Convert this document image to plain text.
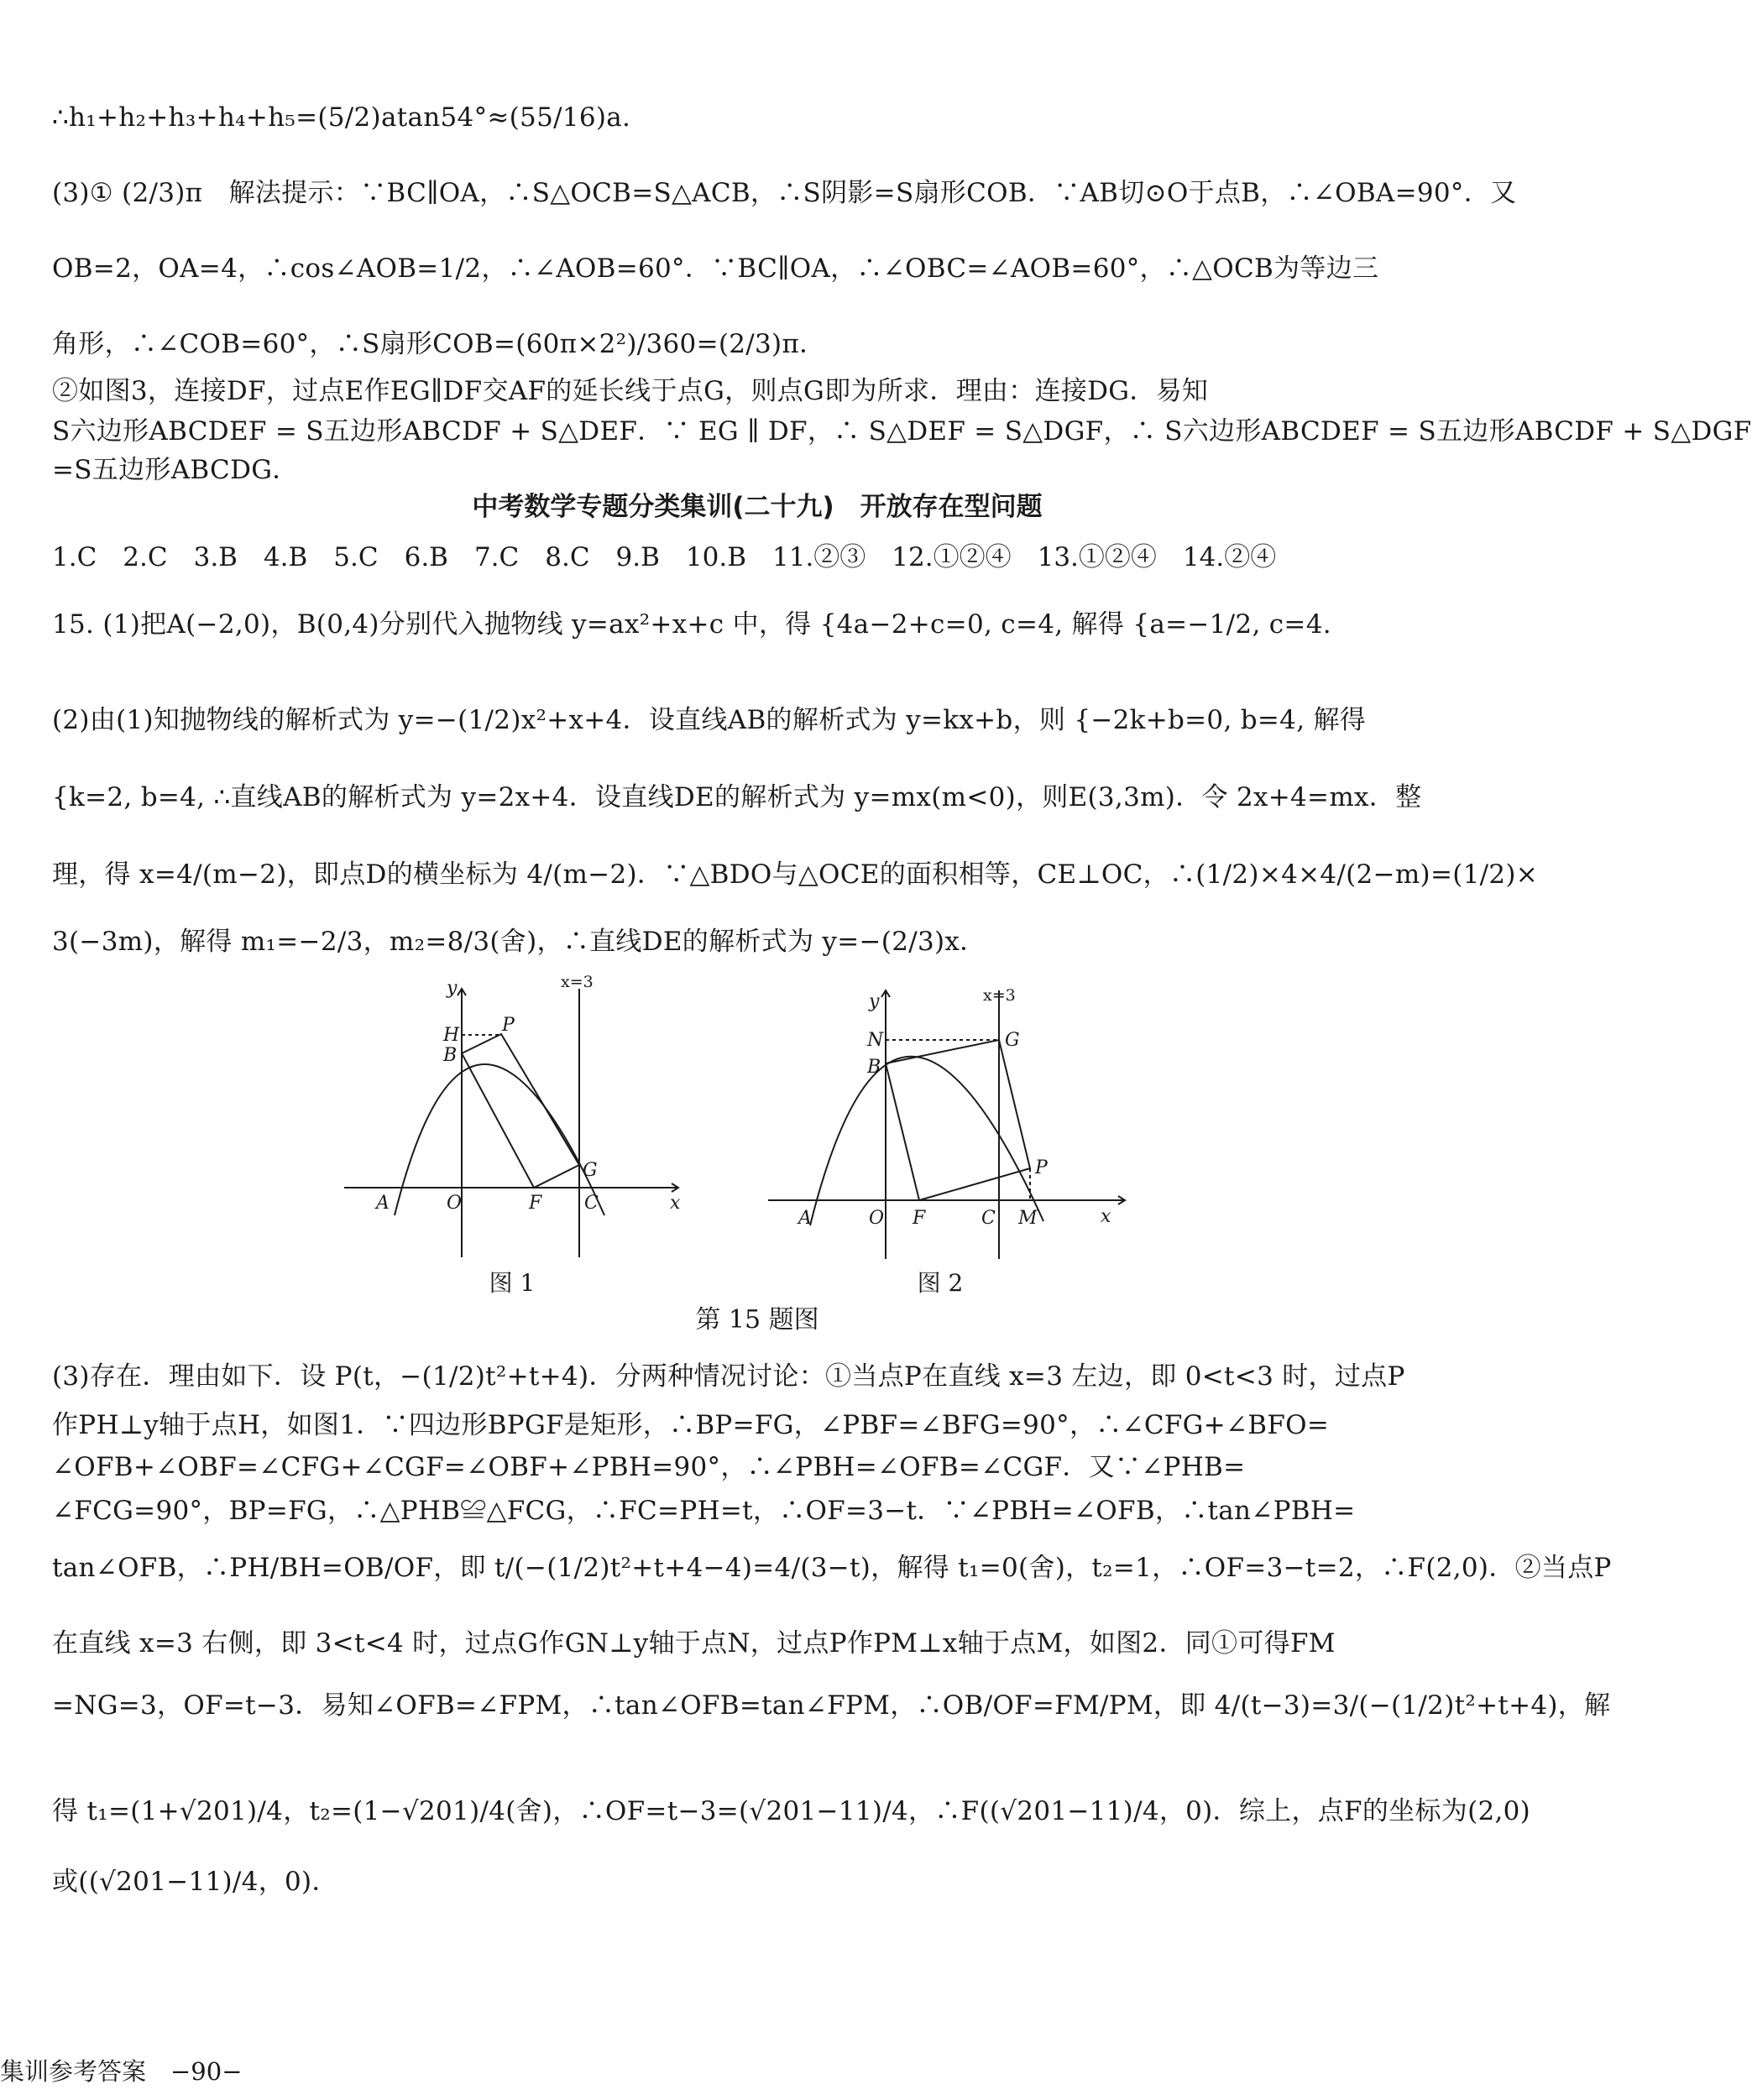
∴h₁+h₂+h₃+h₄+h₅=(5/2)atan54°≈(55/16)a.
(3)① (2/3)π　解法提示：∵BC∥OA，∴S△OCB=S△ACB，∴S阴影=S扇形COB．∵AB切⊙O于点B，∴∠OBA=90°．又
OB=2，OA=4，∴cos∠AOB=1/2，∴∠AOB=60°．∵BC∥OA，∴∠OBC=∠AOB=60°，∴△OCB为等边三
角形，∴∠COB=60°，∴S扇形COB=(60π×2²)/360=(2/3)π．
②如图3，连接DF，过点E作EG∥DF交AF的延长线于点G，则点G即为所求．理由：连接DG．易知
S六边形ABCDEF = S五边形ABCDF + S△DEF．∵ EG ∥ DF，∴ S△DEF = S△DGF，∴ S六边形ABCDEF = S五边形ABCDF + S△DGF
=S五边形ABCDG．
中考数学专题分类集训(二十九)　开放存在型问题
1.C　2.C　3.B　4.B　5.C　6.B　7.C　8.C　9.B　10.B　11.②③　12.①②④　13.①②④　14.②④
15. (1)把A(−2,0)，B(0,4)分别代入抛物线 y=ax²+x+c 中，得 {4a−2+c=0, c=4, 解得 {a=−1/2, c=4.
(2)由(1)知抛物线的解析式为 y=−(1/2)x²+x+4．设直线AB的解析式为 y=kx+b，则 {−2k+b=0, b=4, 解得
{k=2, b=4, ∴直线AB的解析式为 y=2x+4．设直线DE的解析式为 y=mx(m<0)，则E(3,3m)．令 2x+4=mx．整
理，得 x=4/(m−2)，即点D的横坐标为 4/(m−2)．∵△BDO与△OCE的面积相等，CE⊥OC，∴(1/2)×4×4/(2−m)=(1/2)×
3(−3m)，解得 m₁=−2/3，m₂=8/3(舍)，∴直线DE的解析式为 y=−(2/3)x．
y
x
x=3
H
B
P
A	O	F C
G
图 1
y
x
x=3
N	G
B
P
A	O F	C M
图 2
第 15 题图
(3)存在．理由如下．设 P(t，−(1/2)t²+t+4)．分两种情况讨论：①当点P在直线 x=3 左边，即 0<t<3 时，过点P
作PH⊥y轴于点H，如图1．∵四边形BPGF是矩形，∴BP=FG，∠PBF=∠BFG=90°，∴∠CFG+∠BFO=
∠OFB+∠OBF=∠CFG+∠CGF=∠OBF+∠PBH=90°，∴∠PBH=∠OFB=∠CGF．又∵∠PHB=
∠FCG=90°，BP=FG，∴△PHB≌△FCG，∴FC=PH=t，∴OF=3−t．∵∠PBH=∠OFB，∴tan∠PBH=
tan∠OFB，∴PH/BH=OB/OF，即 t/(−(1/2)t²+t+4−4)=4/(3−t)，解得 t₁=0(舍)，t₂=1，∴OF=3−t=2，∴F(2,0)．②当点P
在直线 x=3 右侧，即 3<t<4 时，过点G作GN⊥y轴于点N，过点P作PM⊥x轴于点M，如图2．同①可得FM
=NG=3，OF=t−3．易知∠OFB=∠FPM，∴tan∠OFB=tan∠FPM，∴OB/OF=FM/PM，即 4/(t−3)=3/(−(1/2)t²+t+4)，解
得 t₁=(1+√201)/4，t₂=(1−√201)/4(舍)，∴OF=t−3=(√201−11)/4，∴F((√201−11)/4，0)．综上，点F的坐标为(2,0)
或((√201−11)/4，0)．
集训参考答案　−90−
